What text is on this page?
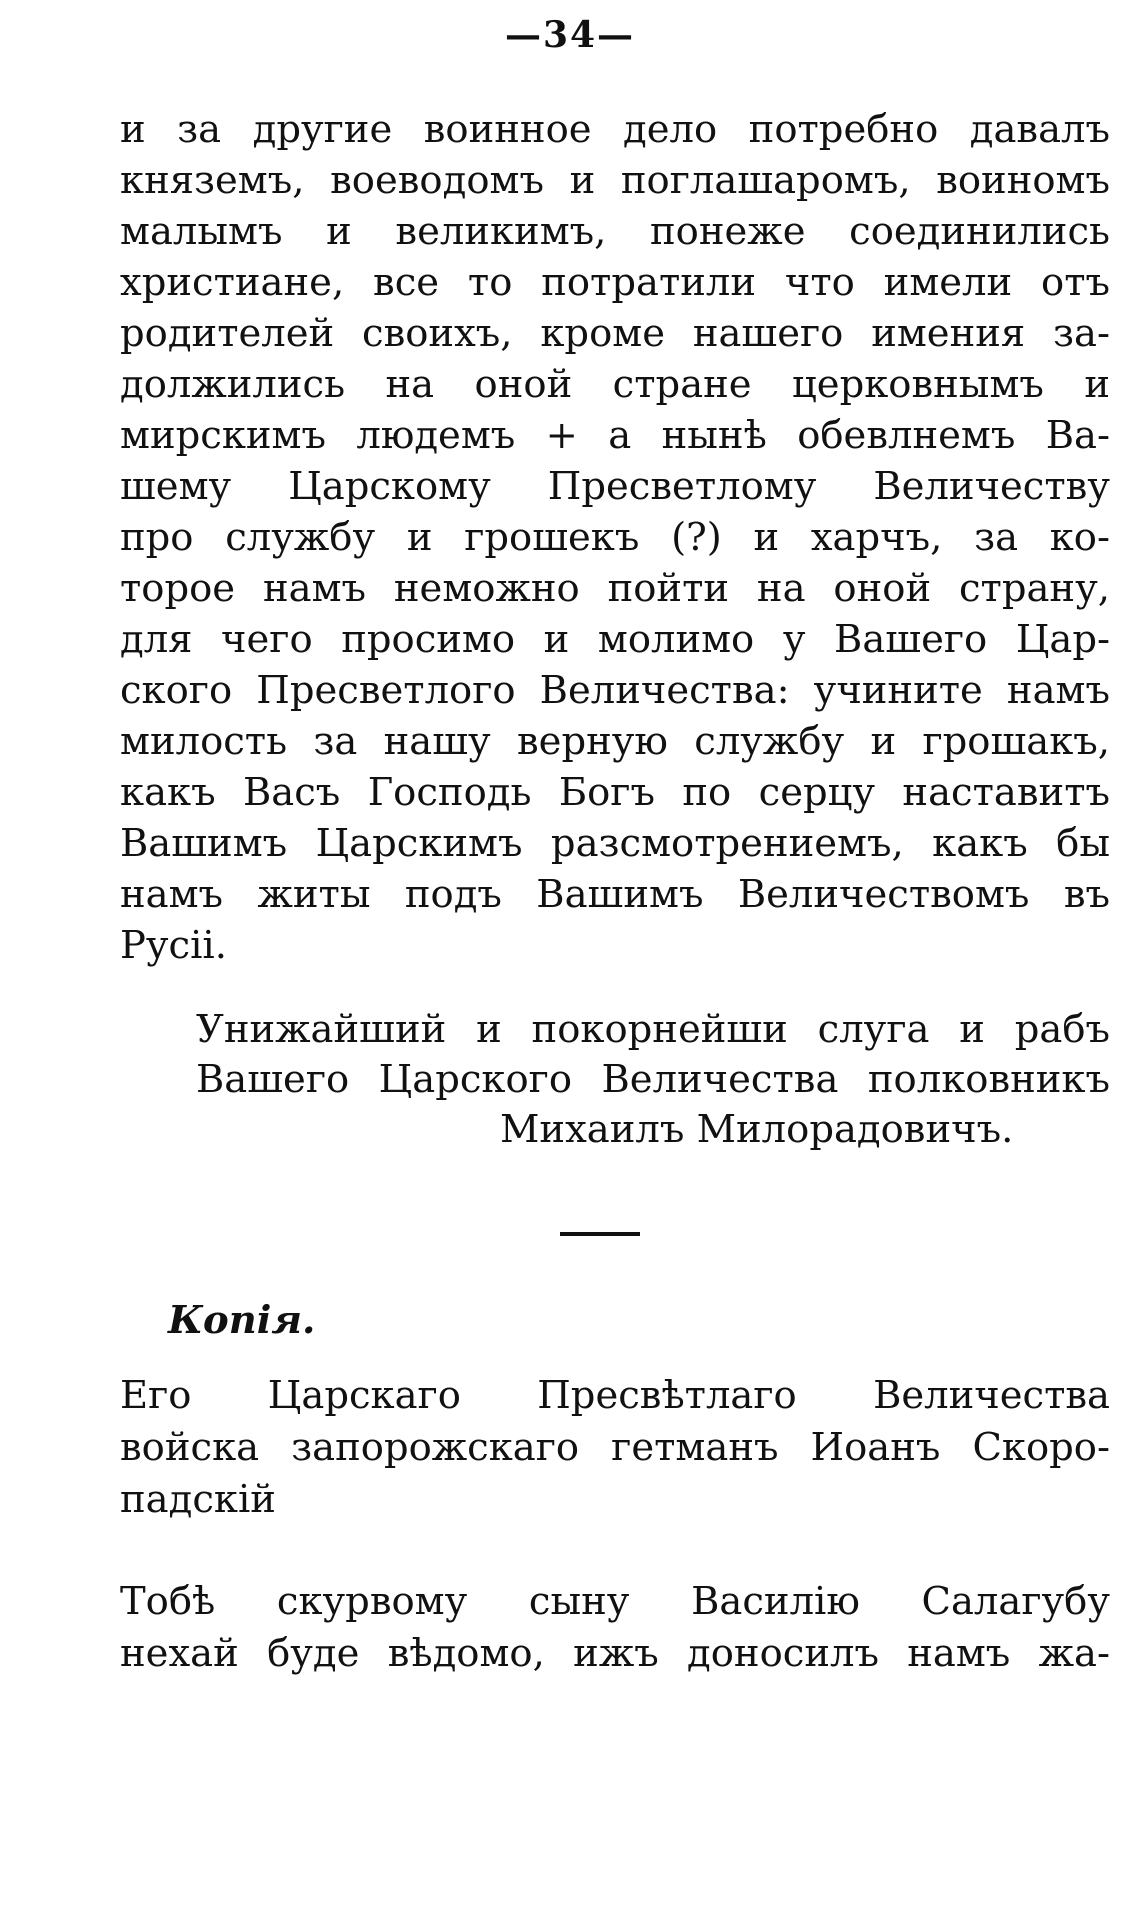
—34—

и за другие воинное дело потребно давалъ

княземъ, воеводомъ и поглашаромъ, воиномъ

малымъ и великимъ, понеже соединились

христиане, все то потратили что имели отъ

родителей своихъ, кроме нашего имения за-

должились на оной стране церковнымъ и

мирскимъ людемъ + а нынѣ обевлнемъ Ва-

шему Царскому Пресветлому Величеству

про службу и грошекъ (?) и харчъ, за ко-

торое намъ неможно пойти на оной страну,

для чего просимо и молимо у Вашего Цар-

ского Пресветлого Величества: учините намъ

милость за нашу верную службу и грошакъ,

какъ Васъ Господь Богъ по серцу наставитъ

Вашимъ Царскимъ разсмотрениемъ, какъ бы

намъ житы подъ Вашимъ Величествомъ въ

Русіі.

Унижайший и покорнейши слуга и рабъ

Вашего Царского Величества полковникъ

Михаилъ Милорадовичъ.

Копія.

Его Царскаго Пресвѣтлаго Величества

войска запорожскаго гетманъ Иоанъ Скоро-

падскій

Тобѣ скурвому сыну Василію Салагубу

нехай буде вѣдомо, ижъ доносилъ намъ жа-
